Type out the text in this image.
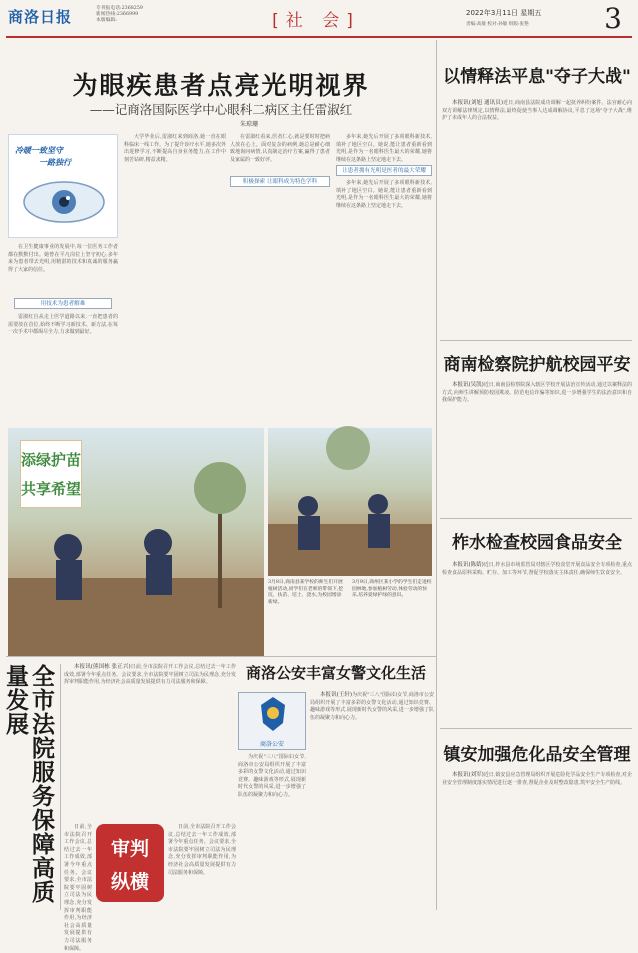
商洛日报	专刊报电话:2368259
新闻热线:2366999
本版编辑:	[社 会]	2022年3月11日 星期五
责编:高敏 校对:孙敏 组版:张艳	3
为眼疾患者点亮光明视界
——记商洛国际医学中心眼科二病区主任雷淑红
朱琼珊
冷暖一致坚守
一路独行

在卫生健康事业的发展中,每一位医务工作者都在默默付出。她曾在平凡岗位上坚守初心,多年来为患者带去光明,用精湛的技术和真诚的服务赢得了大家的信任。

用技术为患者解难

雷淑红自从走上医学道路以来,一直把患者的需要放在首位,始终不断学习新技术、新方法,在每一次手术中都竭尽全力,力求做到最好。

大学毕业后,雷淑红来到商洛,她一直在眼科临床一线工作。为了提升诊疗水平,她多次外出进修学习,不断提高自身业务能力,在工作中刻苦钻研,精益求精。

积极探索 让眼科成为特色学科

在雷淑红看来,医者仁心,就是要时时把病人放在心上。面对复杂的病例,她总是耐心细致地询问病情,认真制定治疗方案,赢得了患者及家属的一致好评。

让患者拥有光明是医者的最大荣耀

多年来,她先后开展了多项眼科新技术,填补了地区空白。她说,能让患者重新看到光明,是作为一名眼科医生最大的荣耀,她将继续在这条路上坚定地走下去。

多年来,她先后开展了多项眼科新技术,填补了地区空白。她说,能让患者重新看到光明,是作为一名眼科医生最大的荣耀,她将继续在这条路上坚定地走下去。

添绿护苗
共享希望
3月8日,商南县某学校的师生们开展植树活动,同学们在老师的带领下,挖坑、扶苗、培土、浇水,为校园增添新绿。
3月9日,商州区某小学的学生们走进校园林地,参加植树劳动,体验劳动的快乐,培养爱绿护绿的意识。
以情释法平息"夺子大战"

本报讯(刘旭 通讯员)近日,商南县法院成功调解一起抚养纠纷案件。法官耐心向双方讲解法律规定,以情释法,最终促使当事人达成调解协议,平息了这场"夺子大战",维护了未成年人的合法权益。

商南检察院护航校园平安

本报讯(吴凯)近日,商南县检察院深入辖区学校开展法治宣传活动,通过以案释法的方式,向师生讲解预防校园欺凌、防范电信诈骗等知识,进一步增强学生的法治意识和自我保护能力。

柞水检查校园食品安全

本报讯(陈婧)近日,柞水县市场监管局对辖区学校食堂开展食品安全专项检查,重点检查食品原料采购、贮存、加工等环节,督促学校落实主体责任,确保师生饮食安全。

镇安加强危化品安全管理

本报讯(刘军)近日,镇安县应急管理局组织开展危险化学品安全生产专项检查,对企业安全管理制度落实情况进行逐一排查,督促企业及时整改隐患,筑牢安全生产防线。

全市法院服务保障高质量发展	本报讯(熊国栋 张正兴)日前,全市法院召开工作会议,总结过去一年工作成效,部署今年重点任务。会议要求,全市法院要牢固树立司法为民理念,充分发挥审判职能作用,为经济社会高质量发展提供有力司法服务和保障。

日前,全市法院召开工作会议,总结过去一年工作成效,部署今年重点任务。会议要求,全市法院要牢固树立司法为民理念,充分发挥审判职能作用,为经济社会高质量发展提供有力司法服务和保障。

审判
纵横

日前,全市法院召开工作会议,总结过去一年工作成效,部署今年重点任务。会议要求,全市法院要牢固树立司法为民理念,充分发挥审判职能作用,为经济社会高质量发展提供有力司法服务和保障。

商洛公安丰富女警文化生活
商洛公安

本报讯(王轩)为庆祝"三八"国际妇女节,商洛市公安局组织开展了丰富多彩的女警文化活动,通过知识竞赛、趣味游戏等形式,展现新时代女警的风采,进一步增强了队伍的凝聚力和向心力。

为庆祝"三八"国际妇女节,商洛市公安局组织开展了丰富多彩的女警文化活动,通过知识竞赛、趣味游戏等形式,展现新时代女警的风采,进一步增强了队伍的凝聚力和向心力。
